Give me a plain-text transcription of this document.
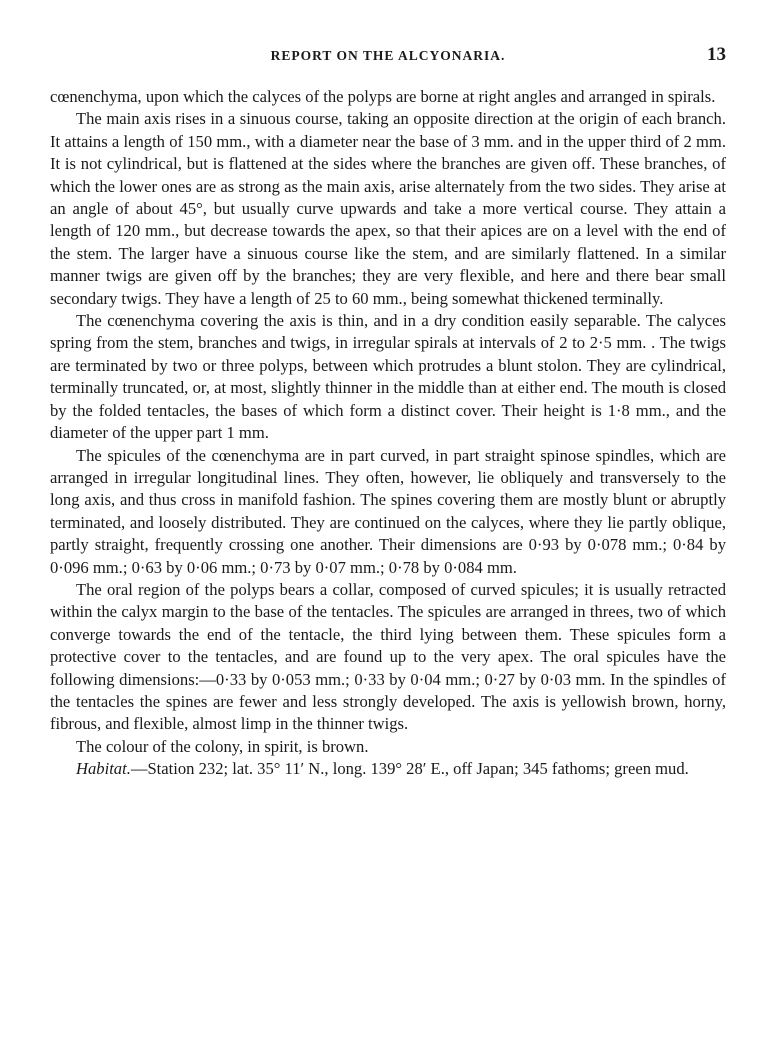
REPORT ON THE ALCYONARIA.	13

cœnenchyma, upon which the calyces of the polyps are borne at right angles and arranged in spirals.

The main axis rises in a sinuous course, taking an opposite direction at the origin of each branch. It attains a length of 150 mm., with a diameter near the base of 3 mm. and in the upper third of 2 mm. It is not cylindrical, but is flattened at the sides where the branches are given off. These branches, of which the lower ones are as strong as the main axis, arise alternately from the two sides. They arise at an angle of about 45°, but usually curve upwards and take a more vertical course. They attain a length of 120 mm., but decrease towards the apex, so that their apices are on a level with the end of the stem. The larger have a sinuous course like the stem, and are similarly flattened. In a similar manner twigs are given off by the branches; they are very flexible, and here and there bear small secondary twigs. They have a length of 25 to 60 mm., being somewhat thickened terminally.

The cœnenchyma covering the axis is thin, and in a dry condition easily separable. The calyces spring from the stem, branches and twigs, in irregular spirals at intervals of 2 to 2·5 mm. . The twigs are terminated by two or three polyps, between which protrudes a blunt stolon. They are cylindrical, terminally truncated, or, at most, slightly thinner in the middle than at either end. The mouth is closed by the folded tentacles, the bases of which form a distinct cover. Their height is 1·8 mm., and the diameter of the upper part 1 mm.

The spicules of the cœnenchyma are in part curved, in part straight spinose spindles, which are arranged in irregular longitudinal lines. They often, however, lie obliquely and transversely to the long axis, and thus cross in manifold fashion. The spines covering them are mostly blunt or abruptly terminated, and loosely distributed. They are continued on the calyces, where they lie partly oblique, partly straight, frequently crossing one another. Their dimensions are 0·93 by 0·078 mm.; 0·84 by 0·096 mm.; 0·63 by 0·06 mm.; 0·73 by 0·07 mm.; 0·78 by 0·084 mm.

The oral region of the polyps bears a collar, composed of curved spicules; it is usually retracted within the calyx margin to the base of the tentacles. The spicules are arranged in threes, two of which converge towards the end of the tentacle, the third lying between them. These spicules form a protective cover to the tentacles, and are found up to the very apex. The oral spicules have the following dimensions:—0·33 by 0·053 mm.; 0·33 by 0·04 mm.; 0·27 by 0·03 mm. In the spindles of the tentacles the spines are fewer and less strongly developed. The axis is yellowish brown, horny, fibrous, and flexible, almost limp in the thinner twigs.

The colour of the colony, in spirit, is brown.

Habitat.—Station 232; lat. 35° 11′ N., long. 139° 28′ E., off Japan; 345 fathoms; green mud.
